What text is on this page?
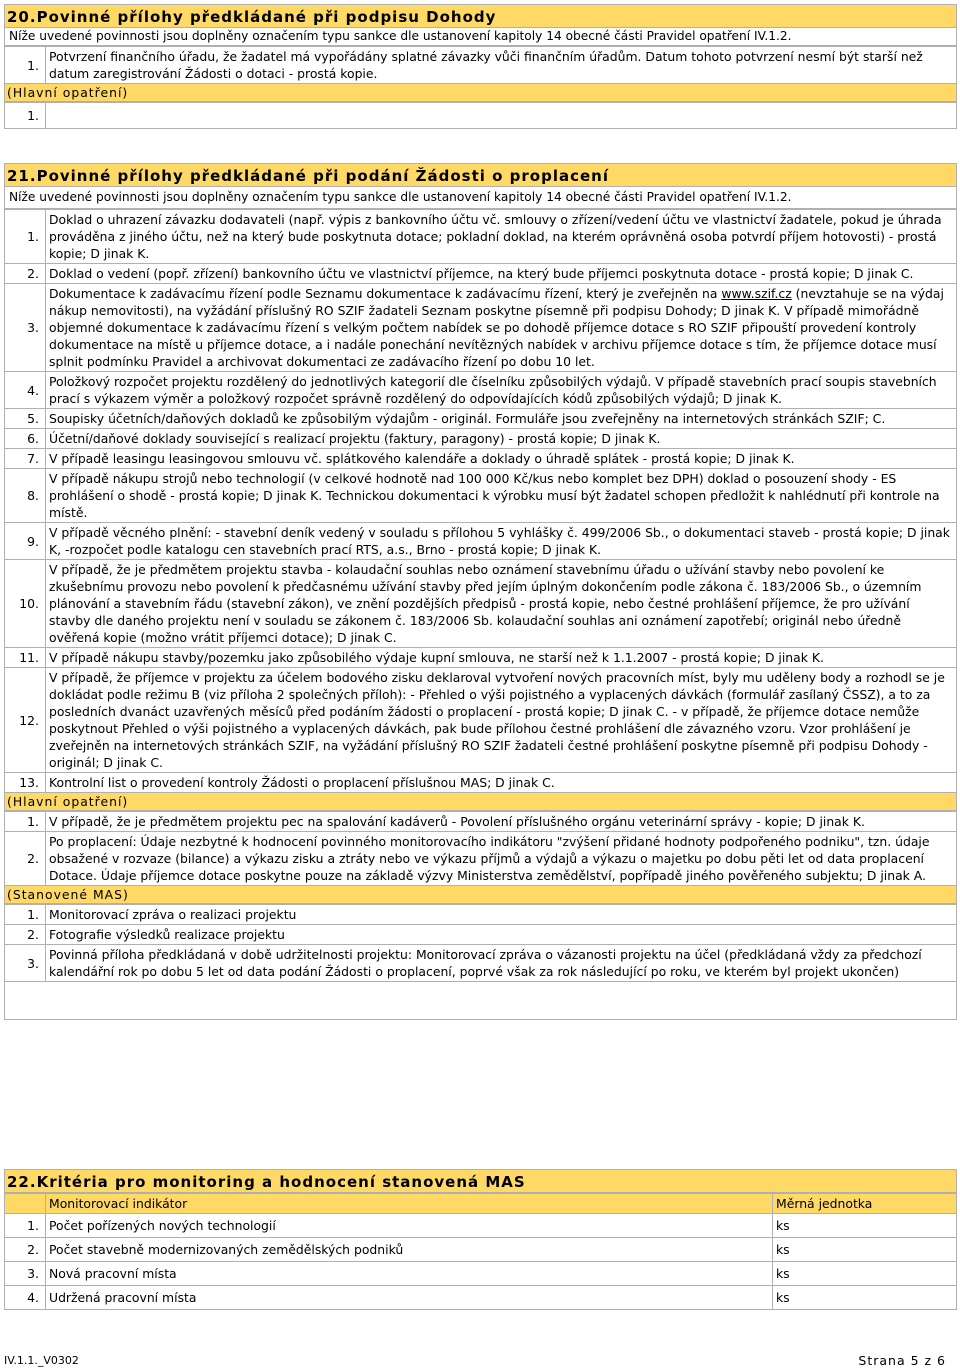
20.Povinné přílohy předkládané při podpisu Dohody
Níže uvedené povinnosti jsou doplněny označením typu sankce dle ustanovení kapitoly 14 obecné části Pravidel opatření IV.1.2.
1.	Potvrzení finančního úřadu, že žadatel má vypořádány splatné závazky vůči finančním úřadům. Datum tohoto potvrzení nesmí být starší než datum zaregistrování Žádosti o dotaci - prostá kopie.
(Hlavní opatření)
1.	
21.Povinné přílohy předkládané při podání Žádosti o proplacení
Níže uvedené povinnosti jsou doplněny označením typu sankce dle ustanovení kapitoly 14 obecné části Pravidel opatření IV.1.2.
1.	Doklad o uhrazení závazku dodavateli (např. výpis z bankovního účtu vč. smlouvy o zřízení/vedení účtu ve vlastnictví žadatele, pokud je úhrada prováděna z jiného účtu, než na který bude poskytnuta dotace; pokladní doklad, na kterém oprávněná osoba potvrdí příjem hotovosti) - prostá kopie; D jinak K.
2.	Doklad o vedení (popř. zřízení) bankovního účtu ve vlastnictví příjemce, na který bude příjemci poskytnuta dotace - prostá kopie; D jinak C.
3.	Dokumentace k zadávacímu řízení podle Seznamu dokumentace k zadávacímu řízení, který je zveřejněn na www.szif.cz (nevztahuje se na výdaj nákup nemovitosti), na vyžádání příslušný RO SZIF žadateli Seznam poskytne písemně při podpisu Dohody; D jinak K. V případě mimořádně objemné dokumentace k zadávacímu řízení s velkým počtem nabídek se po dohodě příjemce dotace s RO SZIF připouští provedení kontroly dokumentace na místě u příjemce dotace, a i nadále ponechání nevítězných nabídek v archivu příjemce dotace s tím, že příjemce dotace musí splnit podmínku Pravidel a archivovat dokumentaci ze zadávacího řízení po dobu 10 let.
4.	Položkový rozpočet projektu rozdělený do jednotlivých kategorií dle číselníku způsobilých výdajů. V případě stavebních prací soupis stavebních prací s výkazem výměr a položkový rozpočet správně rozdělený do odpovídajících kódů způsobilých výdajů; D jinak K.
5.	Soupisky účetních/daňových dokladů ke způsobilým výdajům - originál. Formuláře jsou zveřejněny na internetových stránkách SZIF; C.
6.	Účetní/daňové doklady související s realizací projektu (faktury, paragony) - prostá kopie; D jinak K.
7.	V případě leasingu leasingovou smlouvu vč. splátkového kalendáře a doklady o úhradě splátek - prostá kopie; D jinak K.
8.	V případě nákupu strojů nebo technologií (v celkové hodnotě nad 100 000 Kč/kus nebo komplet bez DPH) doklad o posouzení shody - ES prohlášení o shodě - prostá kopie; D jinak K. Technickou dokumentaci k výrobku musí být žadatel schopen předložit k nahlédnutí při kontrole na místě.
9.	V případě věcného plnění: - stavební deník vedený v souladu s přílohou 5 vyhlášky č. 499/2006 Sb., o dokumentaci staveb - prostá kopie; D jinak K, -rozpočet podle katalogu cen stavebních prací RTS, a.s., Brno - prostá kopie; D jinak K.
10.	V případě, že je předmětem projektu stavba - kolaudační souhlas nebo oznámení stavebnímu úřadu o užívání stavby nebo povolení ke zkušebnímu provozu nebo povolení k předčasnému užívání stavby před jejím úplným dokončením podle zákona č. 183/2006 Sb., o územním plánování a stavebním řádu (stavební zákon), ve znění pozdějších předpisů - prostá kopie, nebo čestné prohlášení příjemce, že pro užívání stavby dle daného projektu není v souladu se zákonem č. 183/2006 Sb. kolaudační souhlas ani oznámení zapotřebí; originál nebo úředně ověřená kopie (možno vrátit příjemci dotace); D jinak C.
11.	V případě nákupu stavby/pozemku jako způsobilého výdaje kupní smlouva, ne starší než k 1.1.2007 - prostá kopie; D jinak K.
12.	V případě, že příjemce v projektu za účelem bodového zisku deklaroval vytvoření nových pracovních míst, byly mu uděleny body a rozhodl se je dokládat podle režimu B (viz příloha 2 společných příloh): - Přehled o výši pojistného a vyplacených dávkách (formulář zasílaný ČSSZ), a to za posledních dvanáct uzavřených měsíců před podáním žádosti o proplacení - prostá kopie; D jinak C. - v případě, že příjemce dotace nemůže poskytnout Přehled o výši pojistného a vyplacených dávkách, pak bude přílohou čestné prohlášení dle závazného vzoru. Vzor prohlášení je zveřejněn na internetových stránkách SZIF, na vyžádání příslušný RO SZIF žadateli čestné prohlášení poskytne písemně při podpisu Dohody - originál; D jinak C.
13.	Kontrolní list o provedení kontroly Žádosti o proplacení příslušnou MAS; D jinak C.
(Hlavní opatření)
1.	V případě, že je předmětem projektu pec na spalování kadáverů - Povolení příslušného orgánu veterinární správy - kopie; D jinak K.
2.	Po proplacení: Údaje nezbytné k hodnocení povinného monitorovacího indikátoru "zvýšení přidané hodnoty podpořeného podniku", tzn. údaje obsažené v rozvaze (bilance) a výkazu zisku a ztráty nebo ve výkazu příjmů a výdajů a výkazu o majetku po dobu pěti let od data proplacení Dotace. Údaje příjemce dotace poskytne pouze na základě výzvy Ministerstva zemědělství, popřípadě jiného pověřeného subjektu; D jinak A.
(Stanovené MAS)
1.	Monitorovací zpráva o realizaci projektu
2.	Fotografie výsledků realizace projektu
3.	Povinná příloha předkládaná v době udržitelnosti projektu: Monitorovací zpráva o vázanosti projektu na účel (předkládaná vždy za předchozí kalendářní rok po dobu 5 let od data podání Žádosti o proplacení, poprvé však za rok následující po roku, ve kterém byl projekt ukončen)
22.Kritéria pro monitoring a hodnocení stanovená MAS
	Monitorovací indikátor	Měrná jednotka
1.	Počet pořízených nových technologií	ks
2.	Počet stavebně modernizovaných zemědělských podniků	ks
3.	Nová pracovní místa	ks
4.	Udržená pracovní místa	ks
IV.1.1._V0302	Strana 5 z 6
